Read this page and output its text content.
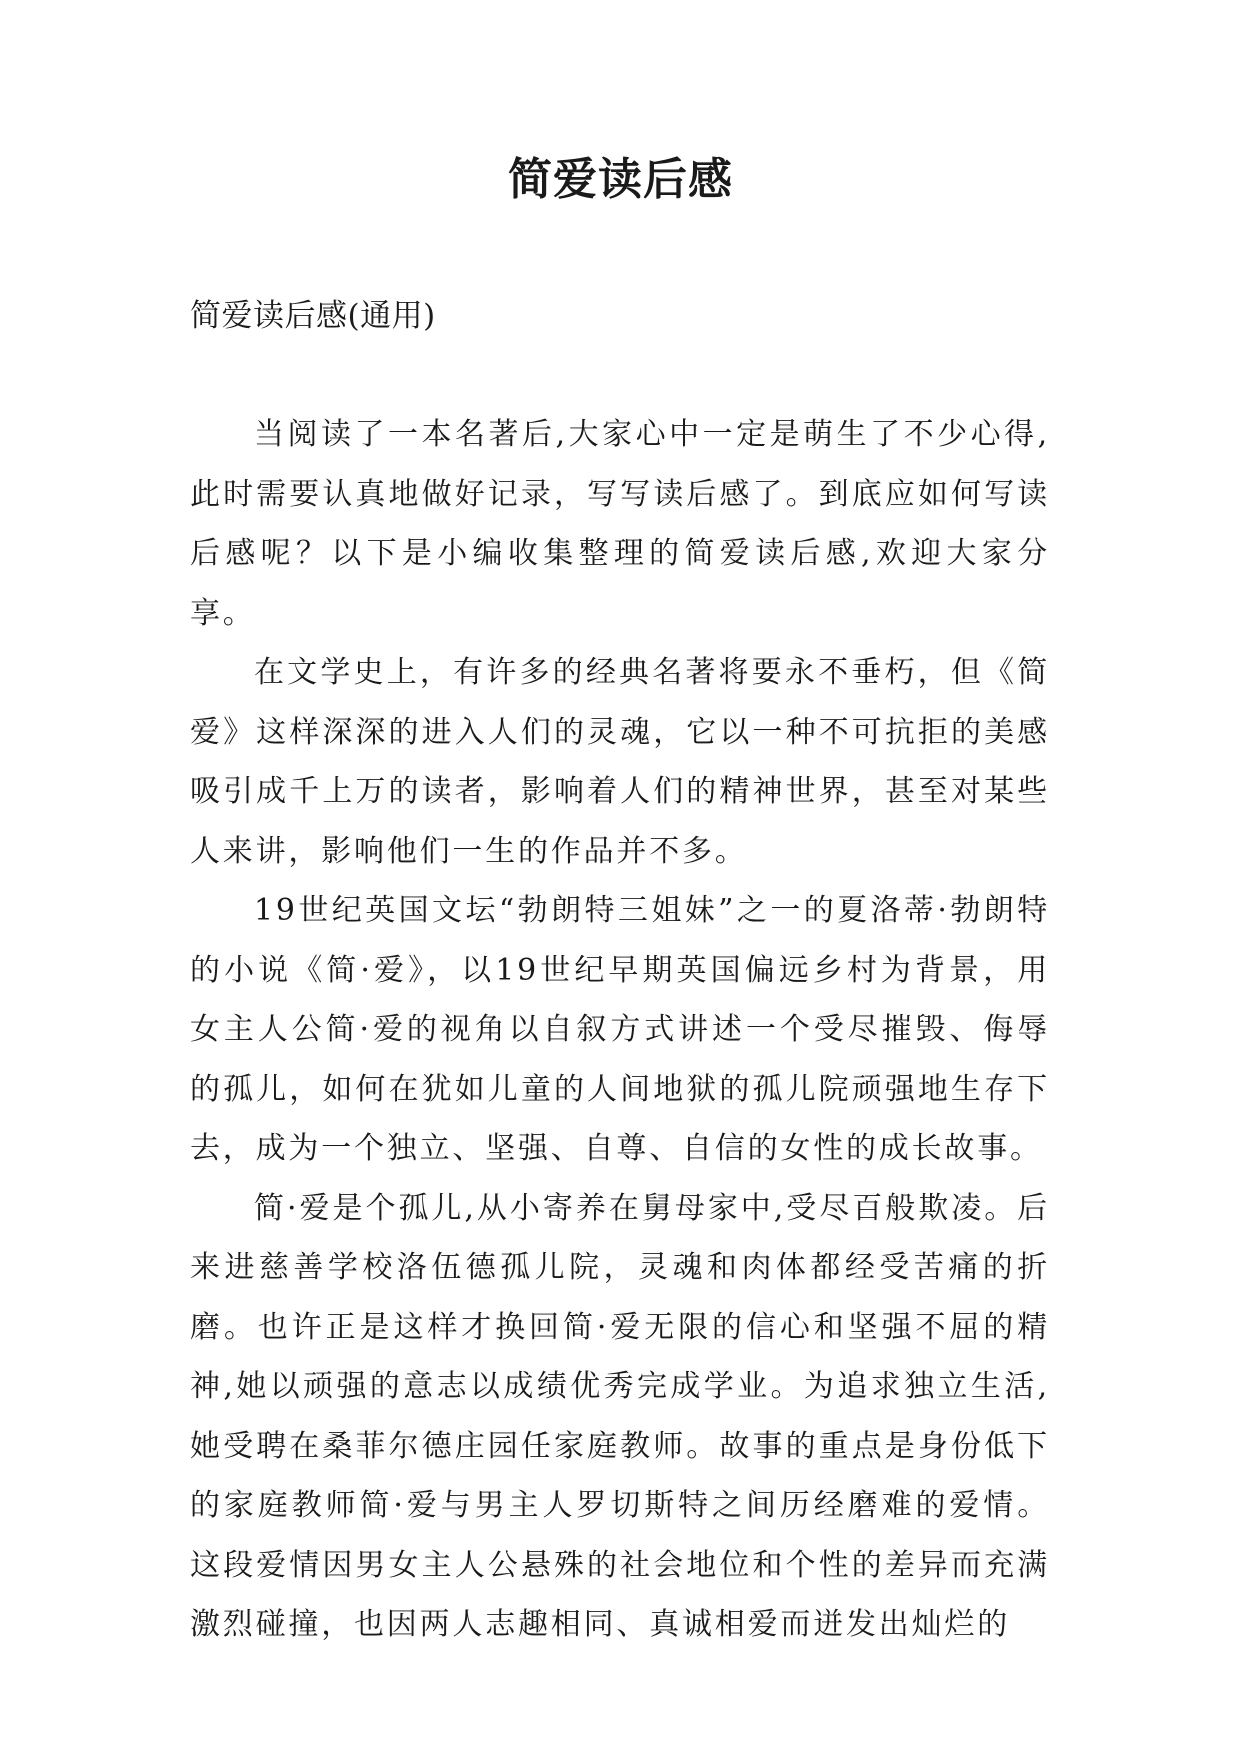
简爱读后感
简爱读后感(通用)

当阅读了一本名著后,大家心中一定是萌生了不少心得,此时需要认真地做好记录，写写读后感了。到底应如何写读后感呢？以下是小编收集整理的简爱读后感,欢迎大家分享。

在文学史上，有许多的经典名著将要永不垂朽，但《简爱》这样深深的进入人们的灵魂，它以一种不可抗拒的美感吸引成千上万的读者，影响着人们的精神世界，甚至对某些人来讲，影响他们一生的作品并不多。

19世纪英国文坛“勃朗特三姐妹”之一的夏洛蒂·勃朗特的小说《简·爱》，以19世纪早期英国偏远乡村为背景，用女主人公简·爱的视角以自叙方式讲述一个受尽摧毁、侮辱的孤儿，如何在犹如儿童的人间地狱的孤儿院顽强地生存下去，成为一个独立、坚强、自尊、自信的女性的成长故事。

简·爱是个孤儿,从小寄养在舅母家中,受尽百般欺凌。后来进慈善学校洛伍德孤儿院，灵魂和肉体都经受苦痛的折磨。也许正是这样才换回简·爱无限的信心和坚强不屈的精神,她以顽强的意志以成绩优秀完成学业。为追求独立生活,她受聘在桑菲尔德庄园任家庭教师。故事的重点是身份低下的家庭教师简·爱与男主人罗切斯特之间历经磨难的爱情。这段爱情因男女主人公悬殊的社会地位和个性的差异而充满激烈碰撞，也因两人志趣相同、真诚相爱而迸发出灿烂的
